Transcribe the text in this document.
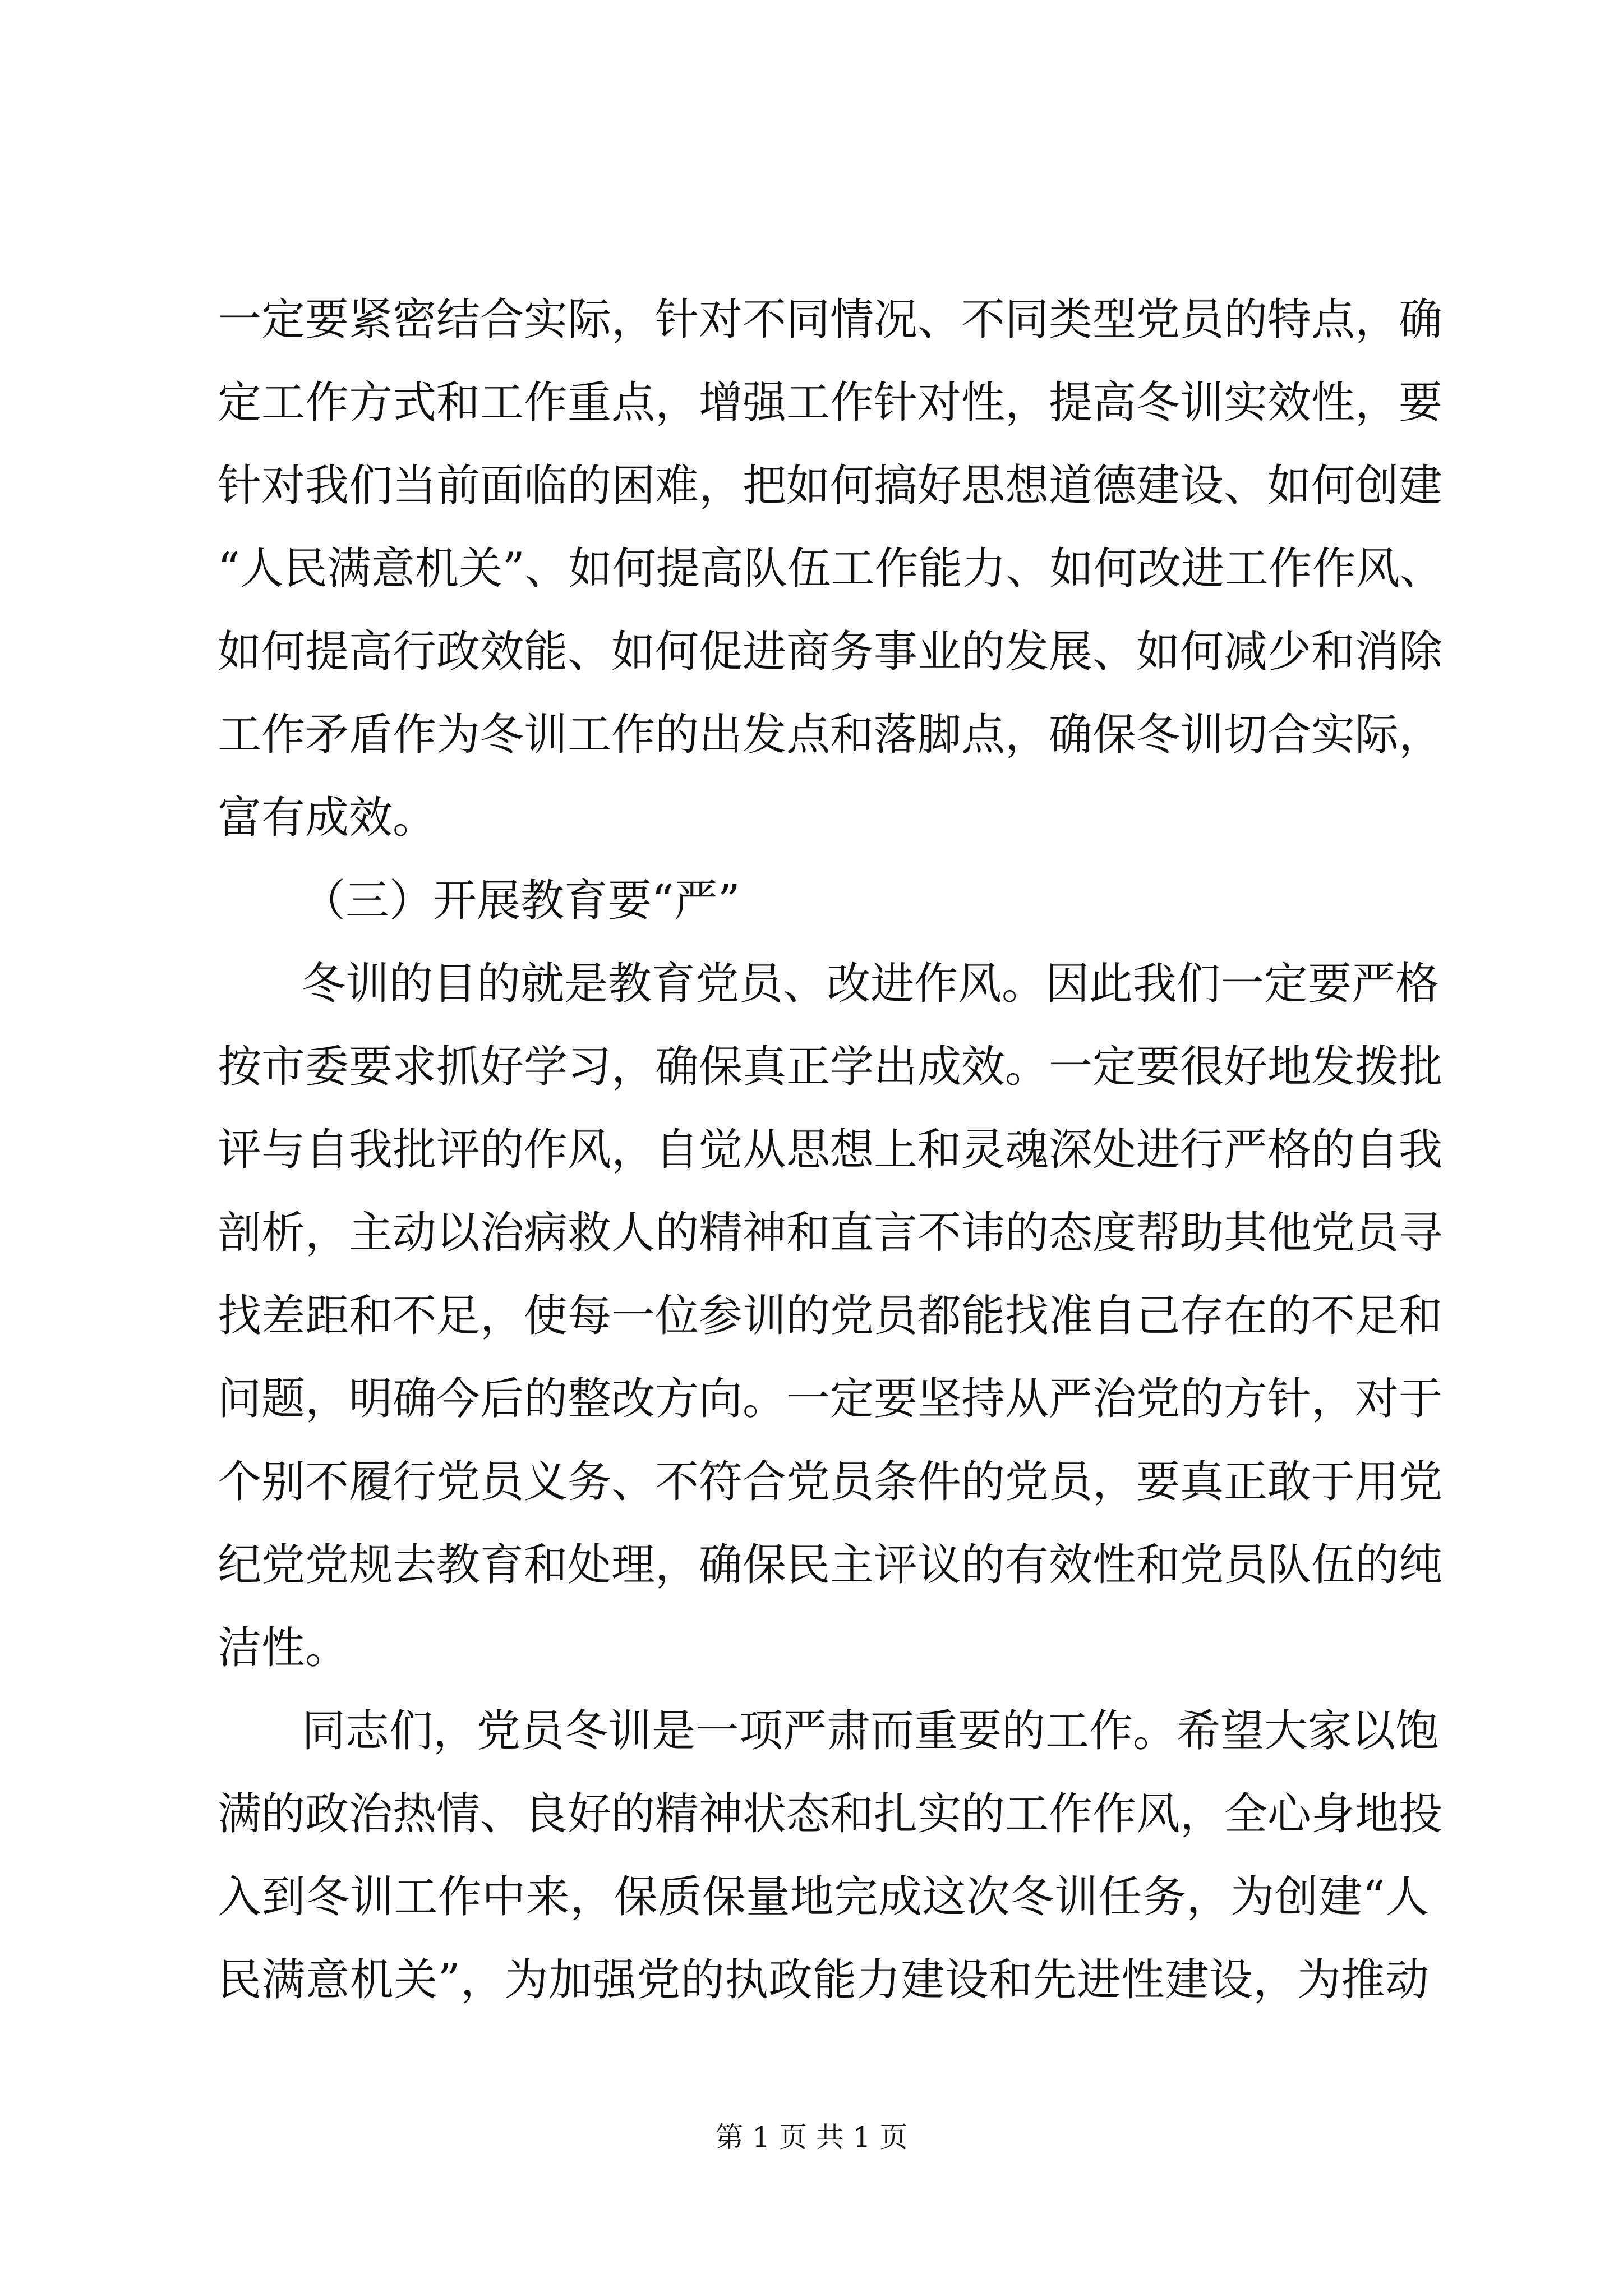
一定要紧密结合实际，针对不同情况、不同类型党员的特点，确
定工作方式和工作重点，增强工作针对性，提高冬训实效性，要
针对我们当前面临的困难，把如何搞好思想道德建设、如何创建
“人民满意机关”、如何提高队伍工作能力、如何改进工作作风、
如何提高行政效能、如何促进商务事业的发展、如何减少和消除
工作矛盾作为冬训工作的出发点和落脚点，确保冬训切合实际，
富有成效。
（三）开展教育要“严”
冬训的目的就是教育党员、改进作风。因此我们一定要严格
按市委要求抓好学习，确保真正学出成效。一定要很好地发拨批
评与自我批评的作风，自觉从思想上和灵魂深处进行严格的自我
剖析，主动以治病救人的精神和直言不讳的态度帮助其他党员寻
找差距和不足，使每一位参训的党员都能找准自己存在的不足和
问题，明确今后的整改方向。一定要坚持从严治党的方针，对于
个别不履行党员义务、不符合党员条件的党员，要真正敢于用党
纪党党规去教育和处理，确保民主评议的有效性和党员队伍的纯
洁性。
同志们，党员冬训是一项严肃而重要的工作。希望大家以饱
满的政治热情、良好的精神状态和扎实的工作作风，全心身地投
入到冬训工作中来，保质保量地完成这次冬训任务，为创建“人
民满意机关”，为加强党的执政能力建设和先进性建设，为推动
第 1 页 共 1 页
